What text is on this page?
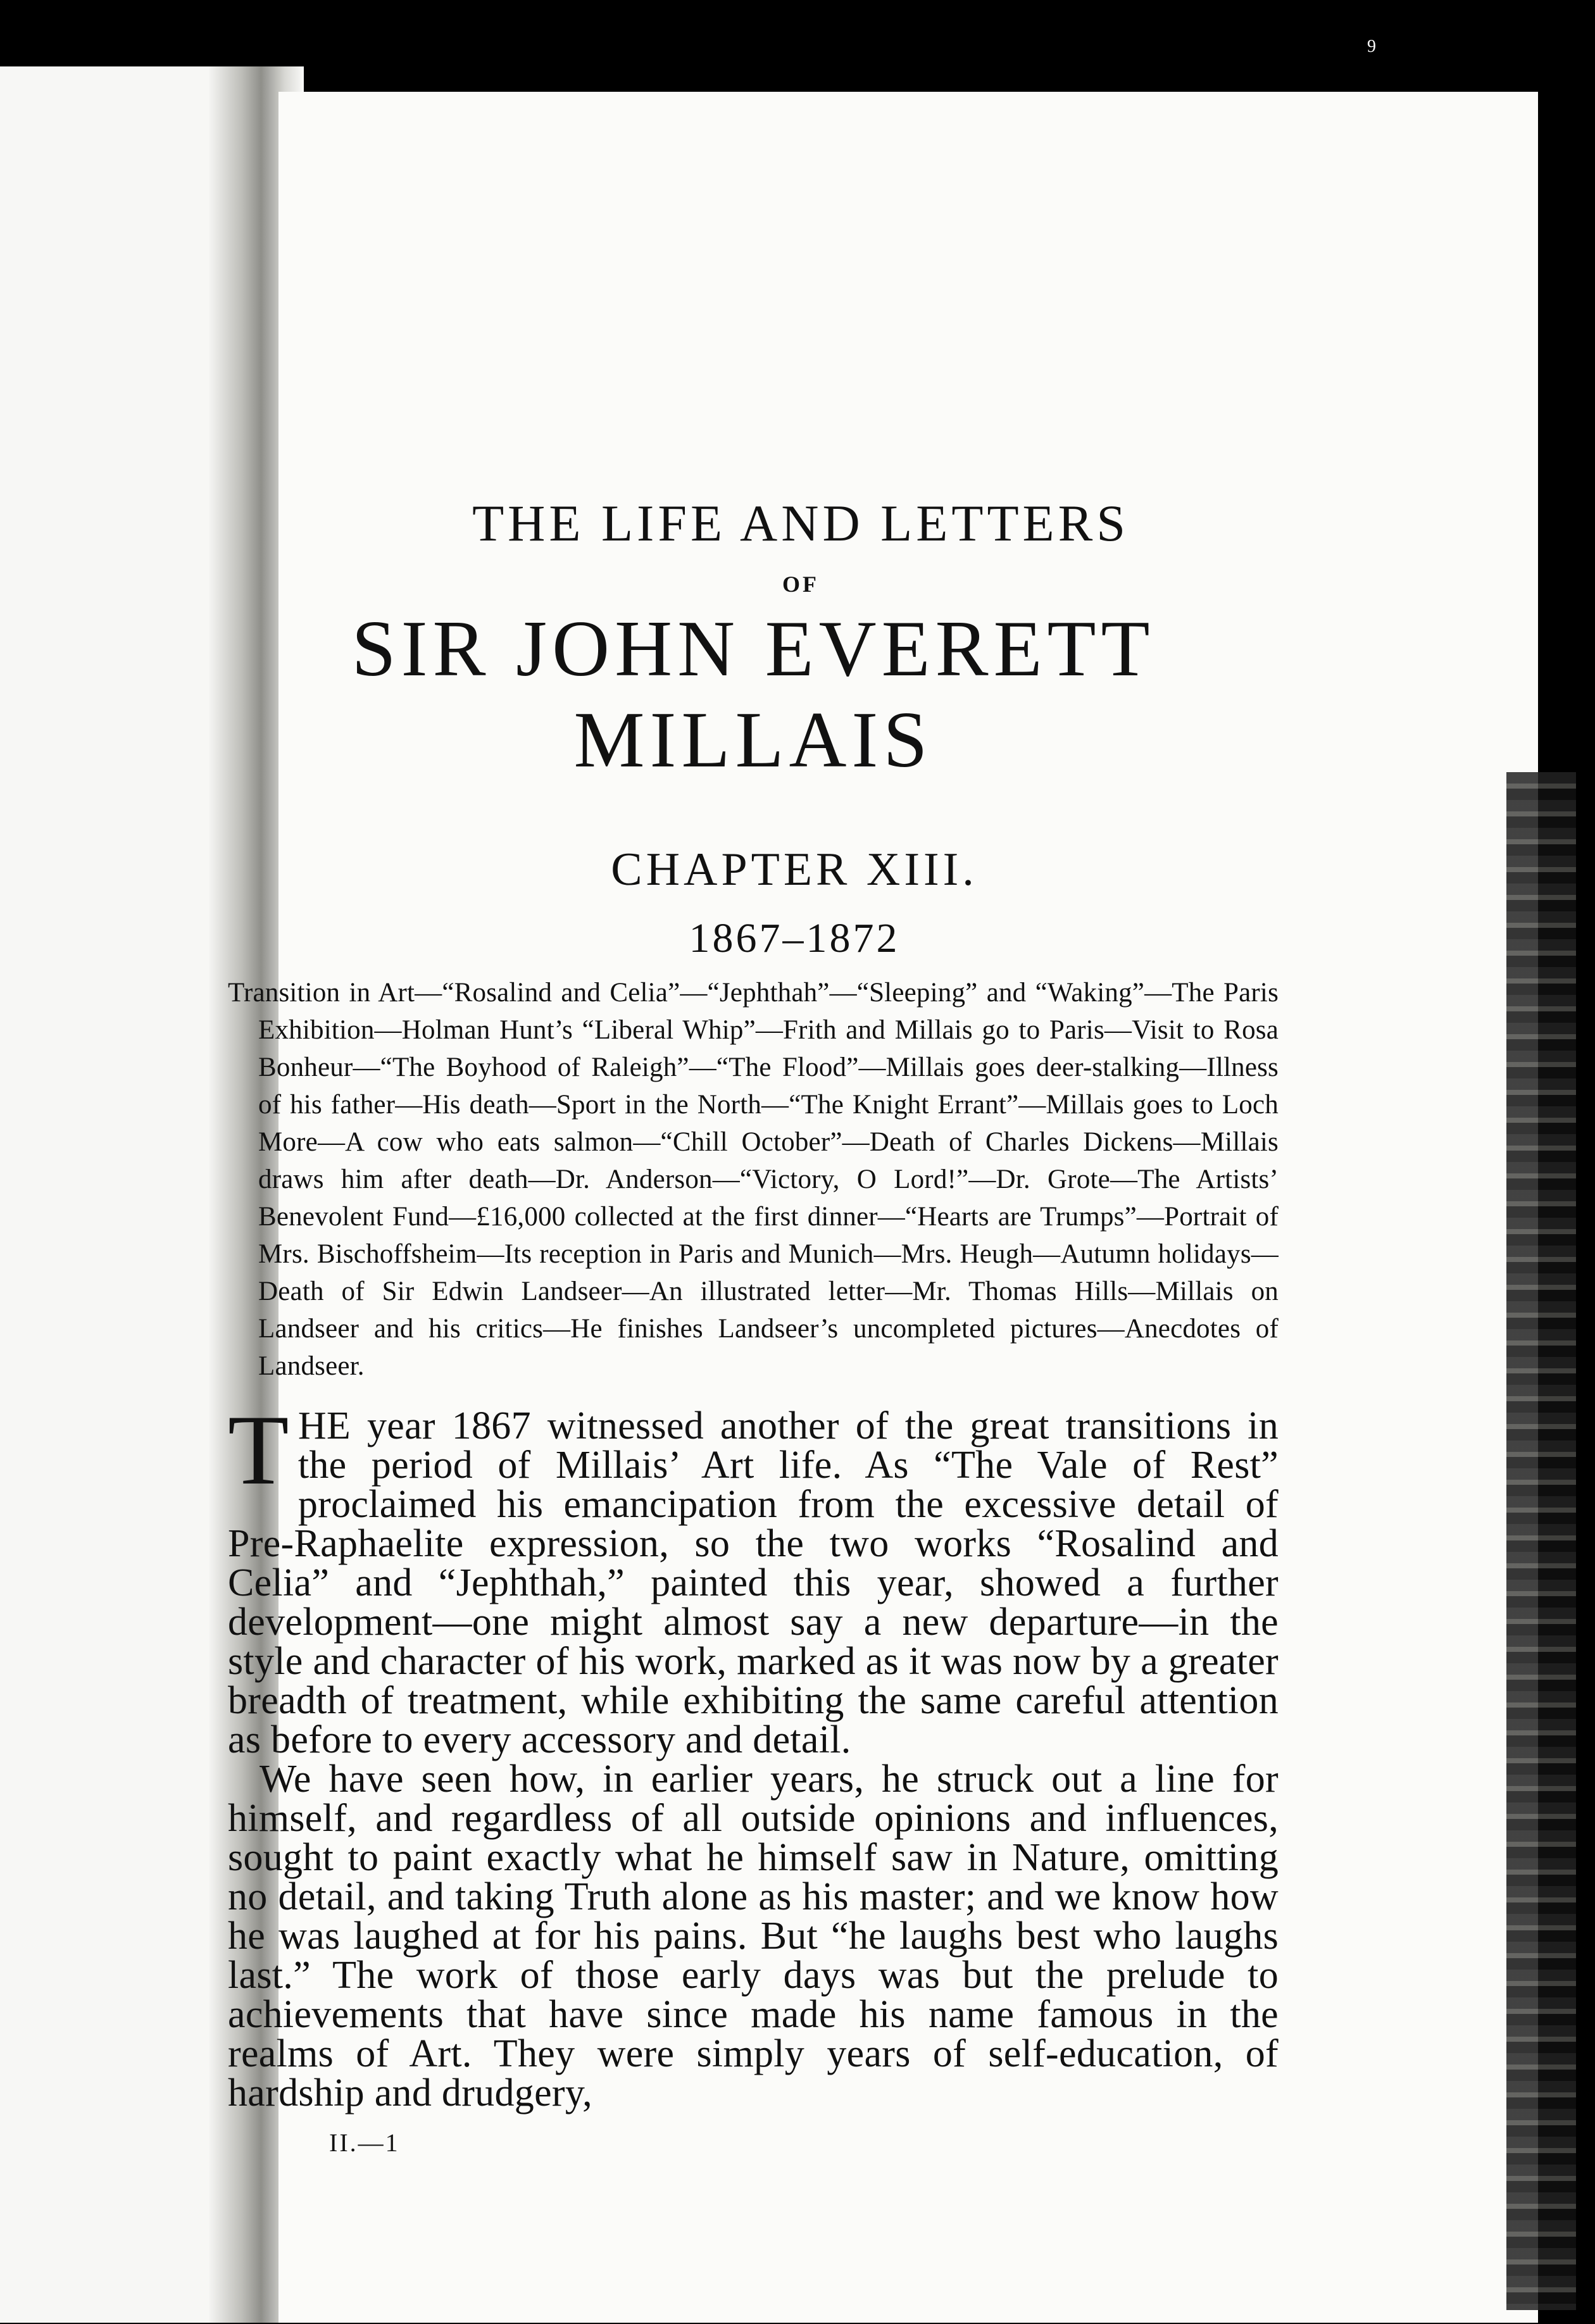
9
THE LIFE AND LETTERS
OF
SIR JOHN EVERETT MILLAIS
CHAPTER XIII.
1867–1872

Transition in Art—“Rosalind and Celia”—“Jephthah”—“Sleeping” and “Waking”—The Paris Exhibition—Holman Hunt’s “Liberal Whip”—Frith and Millais go to Paris—Visit to Rosa Bonheur—“The Boyhood of Raleigh”—“The Flood”—Millais goes deer-stalking—Illness of his father—His death—Sport in the North—“The Knight Errant”—Millais goes to Loch More—A cow who eats salmon—“Chill October”—Death of Charles Dickens—Millais draws him after death—Dr. Anderson—“Victory, O Lord!”—Dr. Grote—The Artists’ Benevolent Fund—£16,000 collected at the first dinner—“Hearts are Trumps”—Portrait of Mrs. Bischoffsheim—Its reception in Paris and Munich—Mrs. Heugh—Autumn holidays—Death of Sir Edwin Landseer—An illustrated letter—Mr. Thomas Hills—Millais on Landseer and his critics—He finishes Landseer’s uncompleted pictures—Anecdotes of Landseer.

THE year 1867 witnessed another of the great transitions in the period of Millais’ Art life. As “The Vale of Rest” proclaimed his emancipation from the excessive detail of Pre-Raphaelite expression, so the two works “Rosalind and Celia” and “Jephthah,” painted this year, showed a further development—one might almost say a new departure—in the style and character of his work, marked as it was now by a greater breadth of treatment, while exhibiting the same careful attention as before to every accessory and detail.

We have seen how, in earlier years, he struck out a line for himself, and regardless of all outside opinions and influences, sought to paint exactly what he himself saw in Nature, omitting no detail, and taking Truth alone as his master; and we know how he was laughed at for his pains. But “he laughs best who laughs last.” The work of those early days was but the prelude to achievements that have since made his name famous in the realms of Art. They were simply years of self-education, of hardship and drudgery,

II.—1
